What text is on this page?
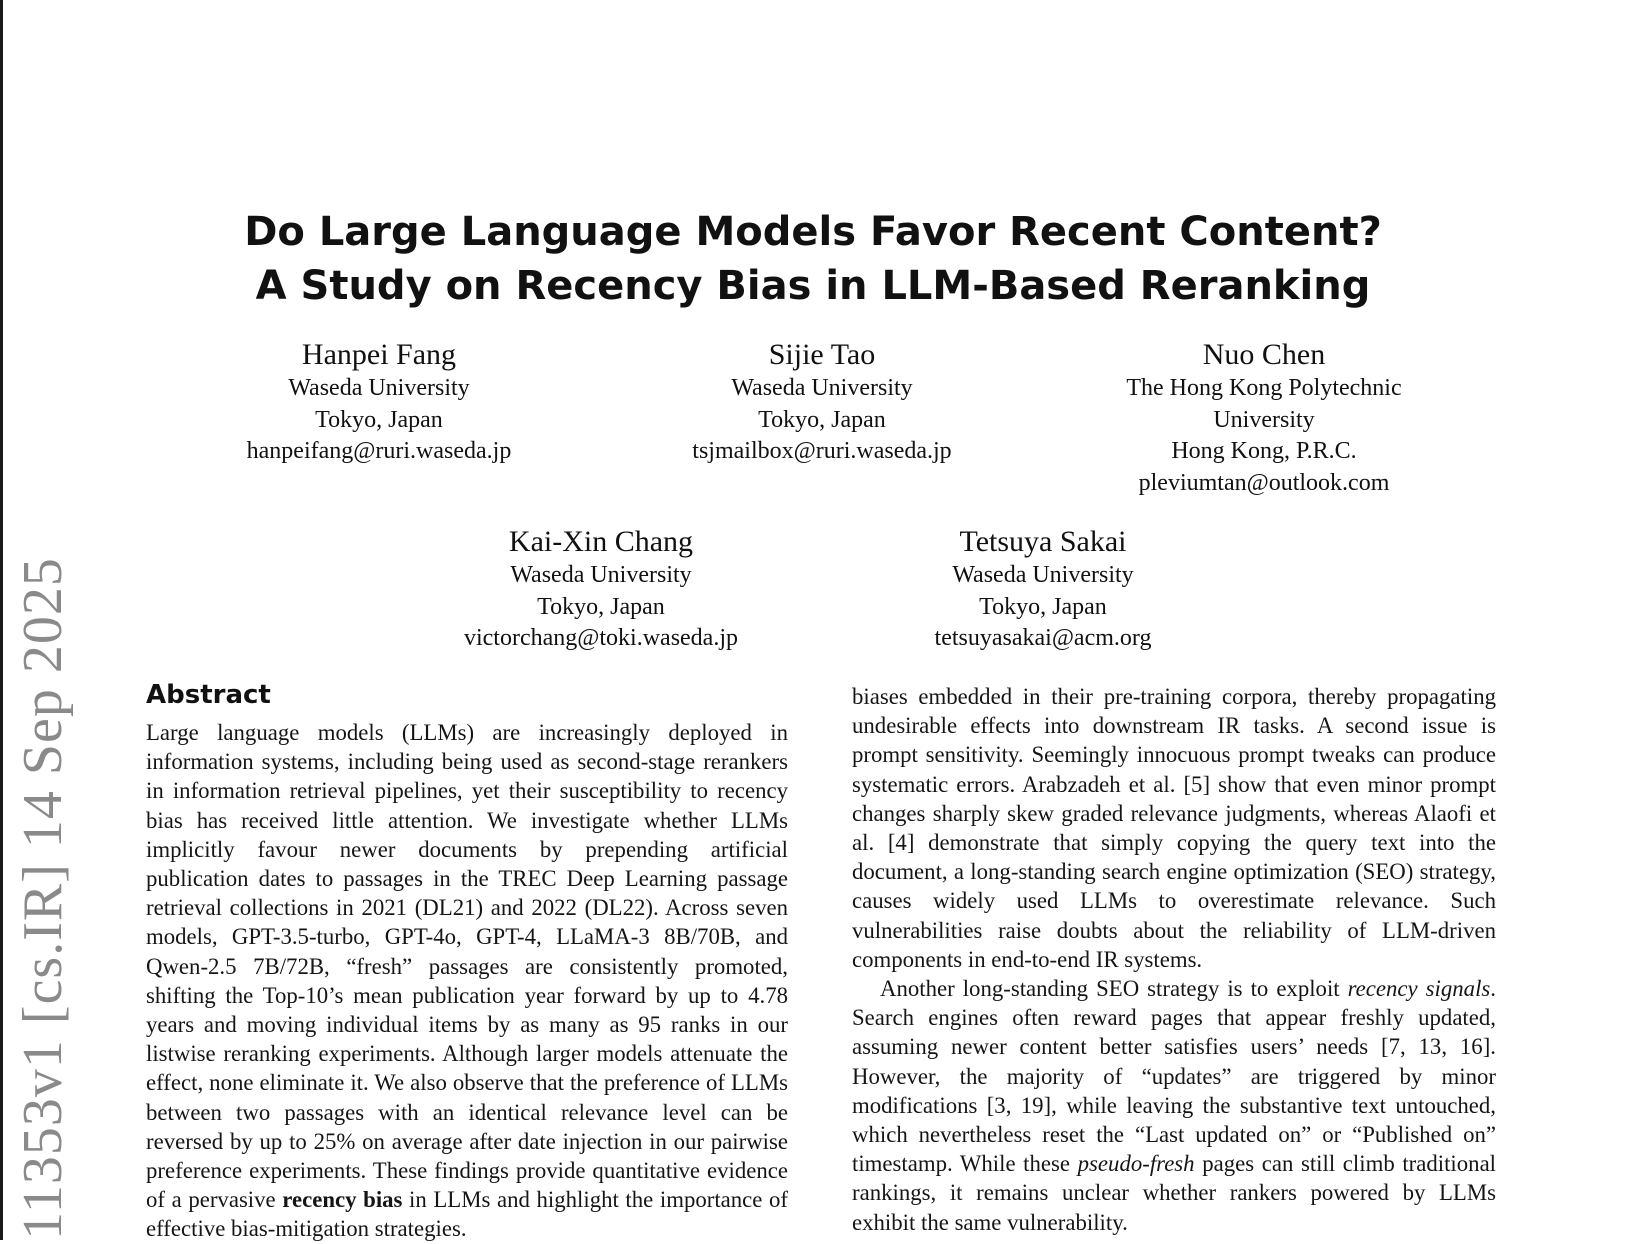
11353v1 [cs.IR] 14 Sep 2025
Do Large Language Models Favor Recent Content?
A Study on Recency Bias in LLM-Based Reranking
Hanpei Fang
Waseda University
Tokyo, Japan
hanpeifang@ruri.waseda.jp
Sijie Tao
Waseda University
Tokyo, Japan
tsjmailbox@ruri.waseda.jp
Nuo Chen
The Hong Kong Polytechnic
University
Hong Kong, P.R.C.
pleviumtan@outlook.com
Kai-Xin Chang
Waseda University
Tokyo, Japan
victorchang@toki.waseda.jp
Tetsuya Sakai
Waseda University
Tokyo, Japan
tetsuyasakai@acm.org
Abstract

Large language models (LLMs) are increasingly deployed in information systems, including being used as second-stage rerankers in information retrieval pipelines, yet their susceptibility to recency bias has received little attention. We investigate whether LLMs implicitly favour newer documents by prepending artificial publication dates to passages in the TREC Deep Learning passage retrieval collections in 2021 (DL21) and 2022 (DL22). Across seven models, GPT-3.5-turbo, GPT-4o, GPT-4, LLaMA-3 8B/70B, and Qwen-2.5 7B/72B, “fresh” passages are consistently promoted, shifting the Top-10’s mean publication year forward by up to 4.78 years and moving individual items by as many as 95 ranks in our listwise reranking experiments. Although larger models attenuate the effect, none eliminate it. We also observe that the preference of LLMs between two passages with an identical relevance level can be reversed by up to 25% on average after date injection in our pairwise preference experiments. These findings provide quantitative evidence of a pervasive recency bias in LLMs and highlight the importance of effective bias-mitigation strategies.

biases embedded in their pre-training corpora, thereby propagating undesirable effects into downstream IR tasks. A second issue is prompt sensitivity. Seemingly innocuous prompt tweaks can produce systematic errors. Arabzadeh et al. [5] show that even minor prompt changes sharply skew graded relevance judgments, whereas Alaofi et al. [4] demonstrate that simply copying the query text into the document, a long-standing search engine optimization (SEO) strategy, causes widely used LLMs to overestimate relevance. Such vulnerabilities raise doubts about the reliability of LLM-driven components in end-to-end IR systems.

Another long-standing SEO strategy is to exploit recency signals. Search engines often reward pages that appear freshly updated, assuming newer content better satisfies users’ needs [7, 13, 16]. However, the majority of “updates” are triggered by minor modifications [3, 19], while leaving the substantive text untouched, which nevertheless reset the “Last updated on” or “Published on” timestamp. While these pseudo-fresh pages can still climb traditional rankings, it remains unclear whether rankers powered by LLMs exhibit the same vulnerability.
